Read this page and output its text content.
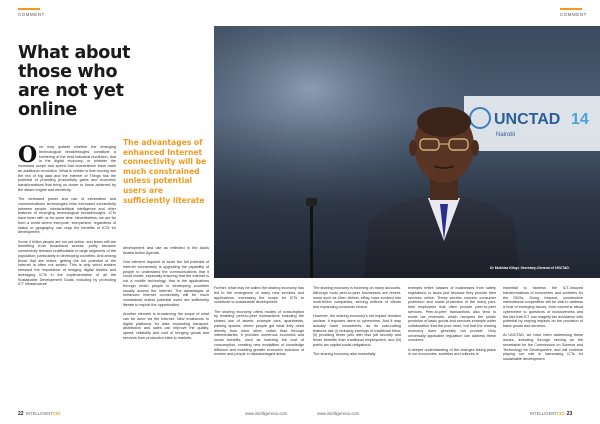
COMMENT	COMMENT
What about those who are not yet online

One may quibble whether the emerging technological breakthroughs constitute a furthering of the third industrial revolution, that is the digital economy, or whether the increased scope and speed that characterize them mark an additional revolution. What is certain is that moving into the era of big data and the Internet of Things has the potential of providing productivity gains and economic transformations that bring us closer to those achieved by the steam engine and electricity.

The increased power and use of information and communications technologies links increased connectivity between people, robots/artificial intelligence and other features of emerging technological breakthroughs. ICTs have been with us for some time. Nevertheless, we are far from a world where everyone, everywhere, regardless of status or geography, can reap the benefits of ICTs for development.

Some 4 billion people are not yet online, and fewer still are benefiting from broadband access, partly because connectivity remains unaffordable to large segments of the population, particularly in developing countries. And among those that are online, getting the full potential of the Internet is often not seized. This is why world leaders stressed the importance of bridging digital divides and leveraging ICTs in the implementation of all the Sustainable Development Goals, including by promoting ICT infrastructure

The advantages of enhanced Internet connectivity will be much constrained unless potential users are sufficiently literate

development and use as reflected in the Addis Ababa Action Agenda.

One element required to seize the full potential of Internet connectivity is upgrading the capability of people to understand the communications that it could create, especially ensuring that the Internet is not a mobile technology, that is the applications through which people in developing countries usually access the Internet. The advantages of enhanced Internet connectivity will be much constrained unless potential users are sufficiently literate to exploit the opportunities.

Another element is broadening the scope of what can be done via the Internet. New endeavors to digital platforms for data expanding transport, distribution and sales can improve the quality, speed, reliability and cost of bringing goods and services from production sites to markets.

UNCTAD 14
Nairobi
Dr Mukhisa Kituyi, Secretary-General of UNCTAD.

Further, what may be called the sharing economy has led to the emergence of many new services and applications, increasing the scope for ICTs to contribute to sustainable development.

The sharing economy offers modes of consumption by enabling peer-to-peer transactions including the shared use of assets, example cars, apartments, parking spaces, where people get what they need directly from each other, rather than through intermediaries. It provides numerous economic and social benefits, such as lowering the cost of consumption, creating new modalities of knowledge diffusion and enabling greater economic inclusion of women and people in disadvantaged areas.

The sharing economy is booming on many accounts. Although most peer-to-peer businesses are recent, some such as Uber, Airbnb, eBay, have evolved into multi-billion companies, serving millions of clients and expanding consumer choice.

However, the sharing economy's net impact remains unclear. It exposes users to cybercrime. And it may actually harm incumbents, as its cost-cutting features risk (i) reducing earnings of traditional firms; (ii) providing fewer jobs with less job security and fewer benefits than traditional employment; and (iii) public tax capital social obligations.

The sharing economy also essentially

exempts entire classes of businesses from safety regulations or taxes just because they provide their services online. These worries concern consumer protection and social protection of the many part-time employees that often provide peer-to-peer services. Peer-to-peer transactions also tend to erode tax revenues, which hampers the public provision of basic goods and services example wider collaboration that the poor need, but that the sharing economy does generally not provide. Only universally applicable regulation can address these concerns.

A deeper understanding of the changes taking place in our economies, societies and cultures is

essential to harness the ICT-induced transformations of economies and societies for the SDGs. Going forward, constructive international cooperation will be vital to address a host of emerging issues, from concerns about cybercrime to questions of inclusiveness and the fact that ICT can magnify tax avoidance with potential by varying impacts on the provision of basic goods and services.

At UNCTAD, we have been addressing these issues, including through serving as the secretariat for the Commission on Science and Technology for Development, and will continue playing our role in harnessing ICTs for sustainable development.

22 INTELLIGENTCIO	www.intelligentcio.com	www.intelligentcio.com	INTELLIGENTCIO 23
